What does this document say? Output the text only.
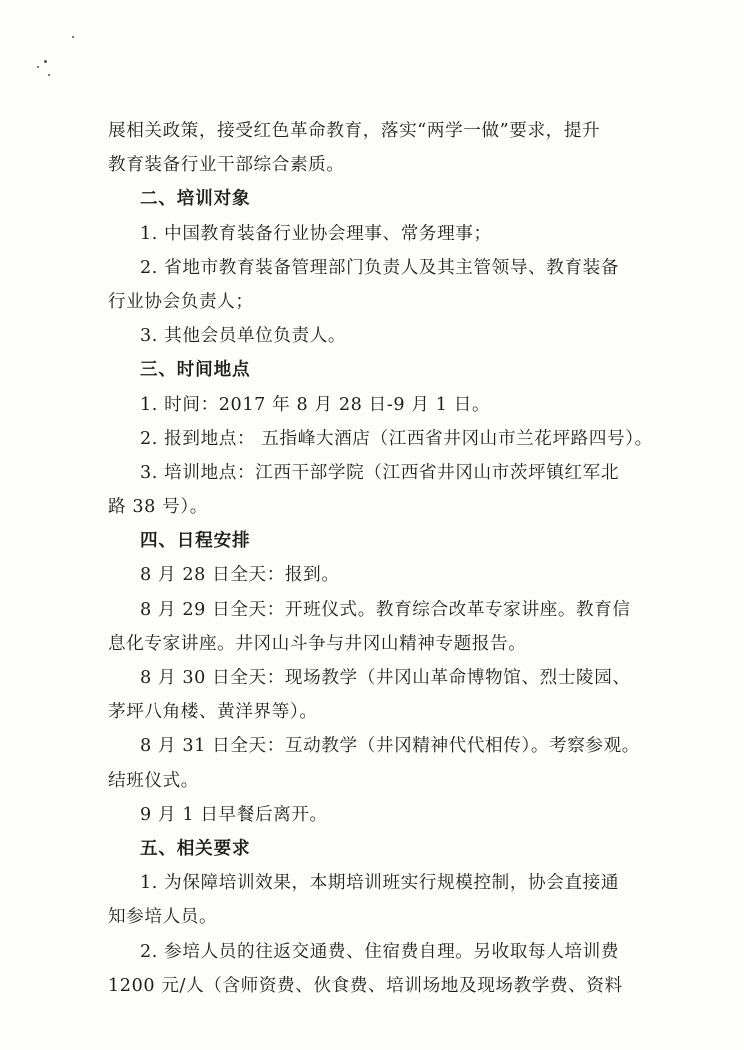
展相关政策，接受红色革命教育，落实“两学一做”要求，提升
教育装备行业干部综合素质。
二、培训对象
1. 中国教育装备行业协会理事、常务理事；
2. 省地市教育装备管理部门负责人及其主管领导、教育装备
行业协会负责人；
3. 其他会员单位负责人。
三、时间地点
1. 时间：2017 年 8 月 28 日-9 月 1 日。
2. 报到地点： 五指峰大酒店（江西省井冈山市兰花坪路四号）。
3. 培训地点：江西干部学院（江西省井冈山市茨坪镇红军北
路 38 号）。
四、日程安排
8 月 28 日全天：报到。
8 月 29 日全天：开班仪式。教育综合改革专家讲座。教育信
息化专家讲座。井冈山斗争与井冈山精神专题报告。
8 月 30 日全天：现场教学（井冈山革命博物馆、烈士陵园、
茅坪八角楼、黄洋界等）。
8 月 31 日全天：互动教学（井冈精神代代相传）。考察参观。
结班仪式。
9 月 1 日早餐后离开。
五、相关要求
1. 为保障培训效果，本期培训班实行规模控制，协会直接通
知参培人员。
2. 参培人员的往返交通费、住宿费自理。另收取每人培训费
1200 元/人（含师资费、伙食费、培训场地及现场教学费、资料
